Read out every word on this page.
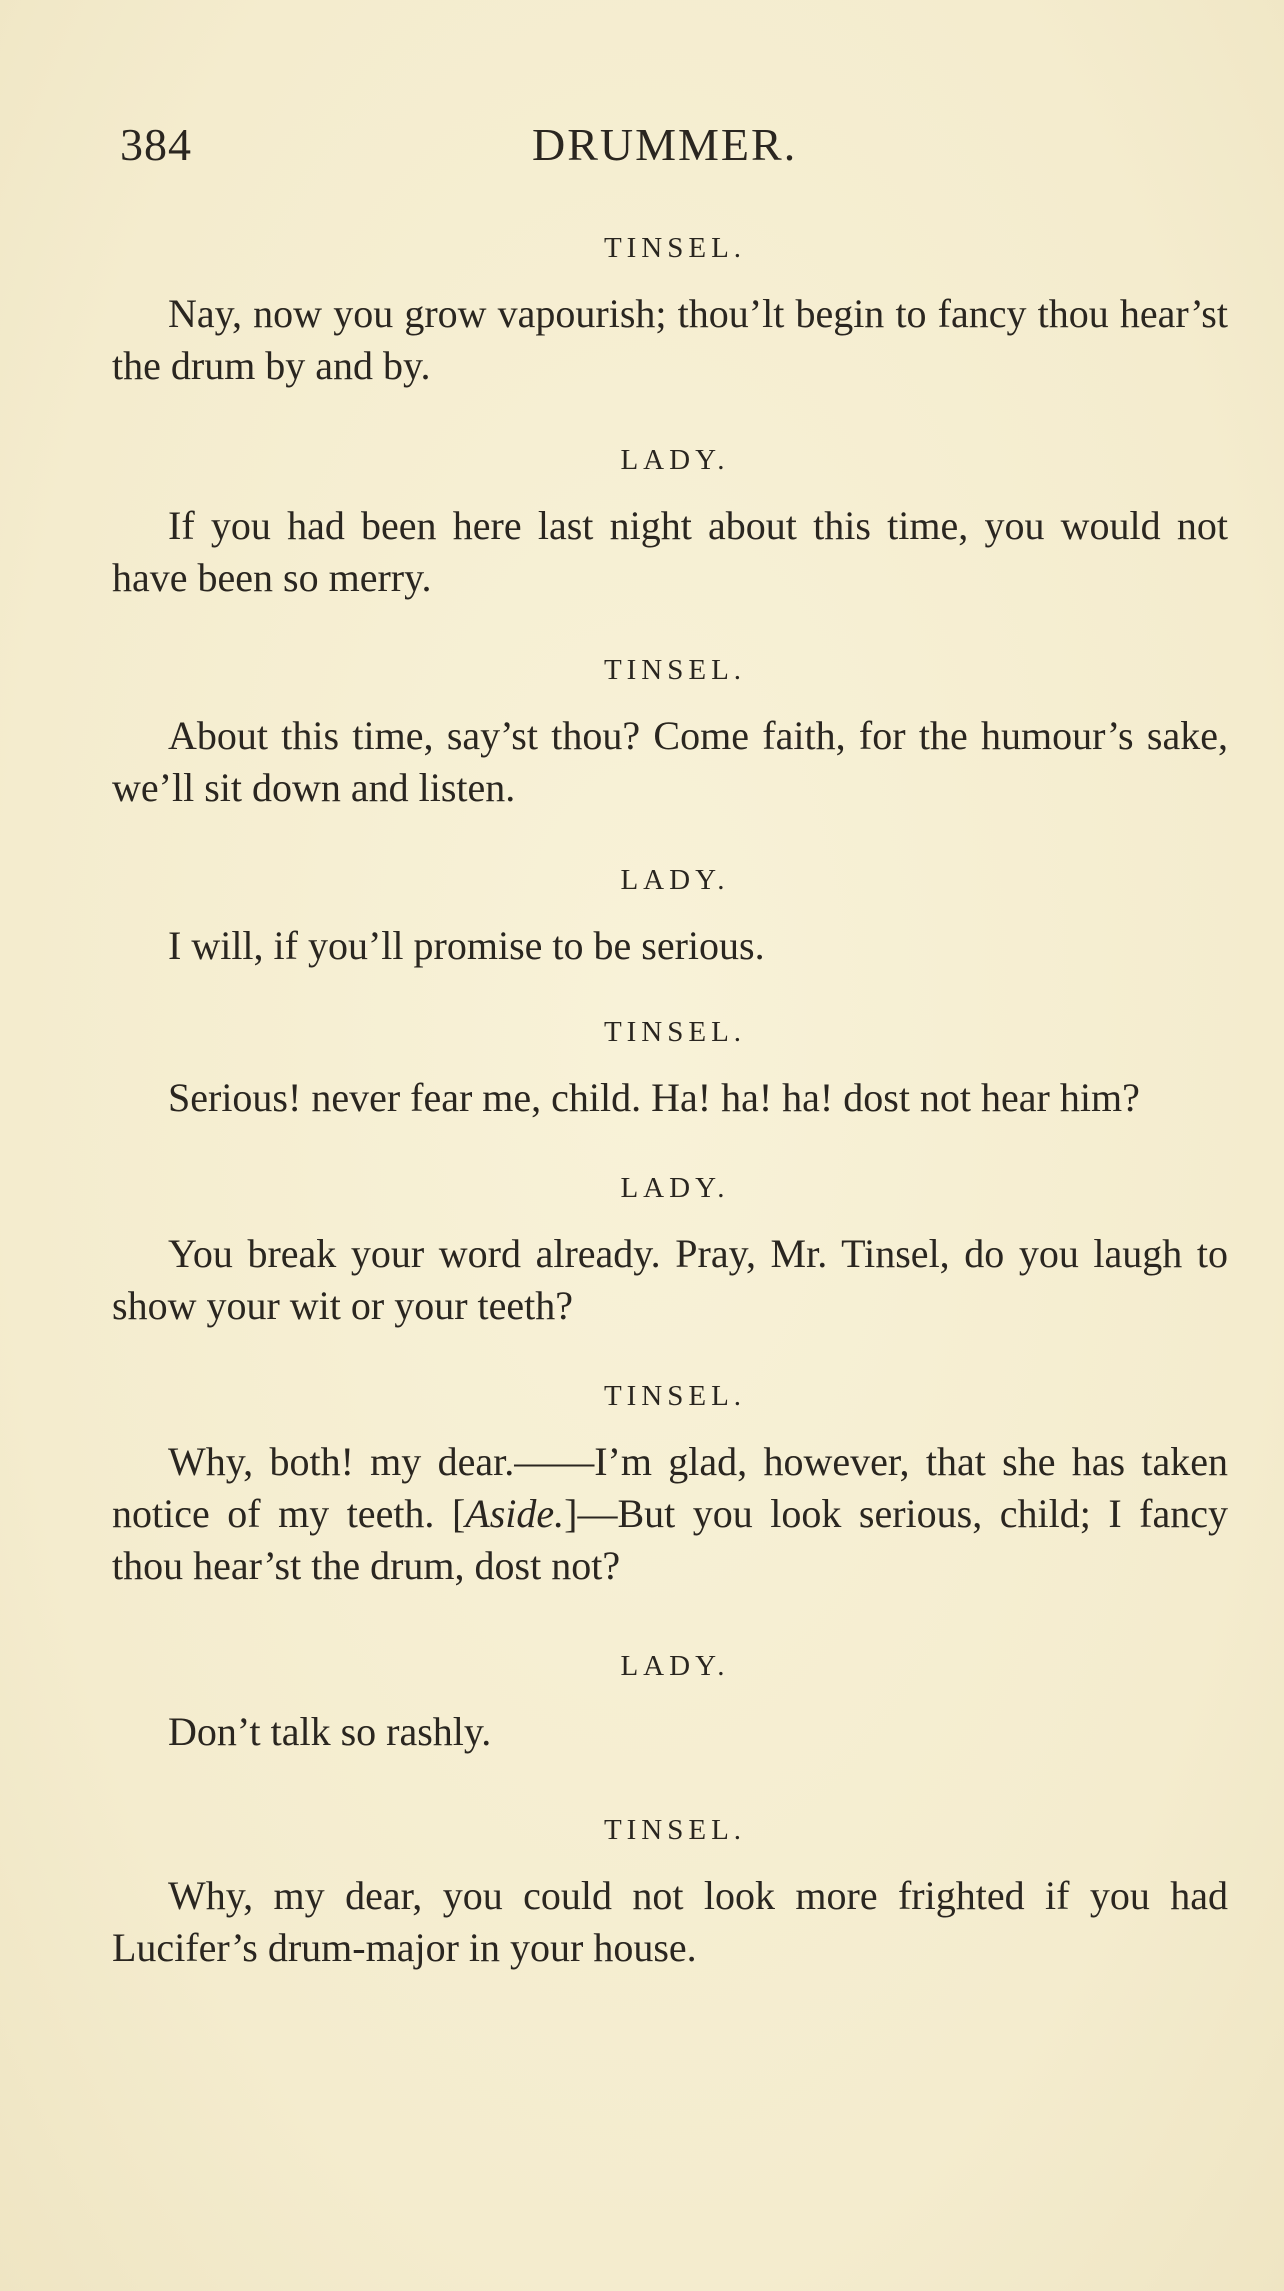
384	DRUMMER.

TINSEL.

Nay, now you grow vapourish; thou’lt begin to fancy thou hear’st the drum by and by.

LADY.

If you had been here last night about this time, you would not have been so merry.

TINSEL.

About this time, say’st thou? Come faith, for the humour’s sake, we’ll sit down and listen.

LADY.

I will, if you’ll promise to be serious.

TINSEL.

Serious! never fear me, child. Ha! ha! ha! dost not hear him?

LADY.

You break your word already. Pray, Mr. Tinsel, do you laugh to show your wit or your teeth?

TINSEL.

Why, both! my dear.——I’m glad, however, that she has taken notice of my teeth. [Aside.]—But you look serious, child; I fancy thou hear’st the drum, dost not?

LADY.

Don’t talk so rashly.

TINSEL.

Why, my dear, you could not look more frighted if you had Lucifer’s drum-major in your house.
